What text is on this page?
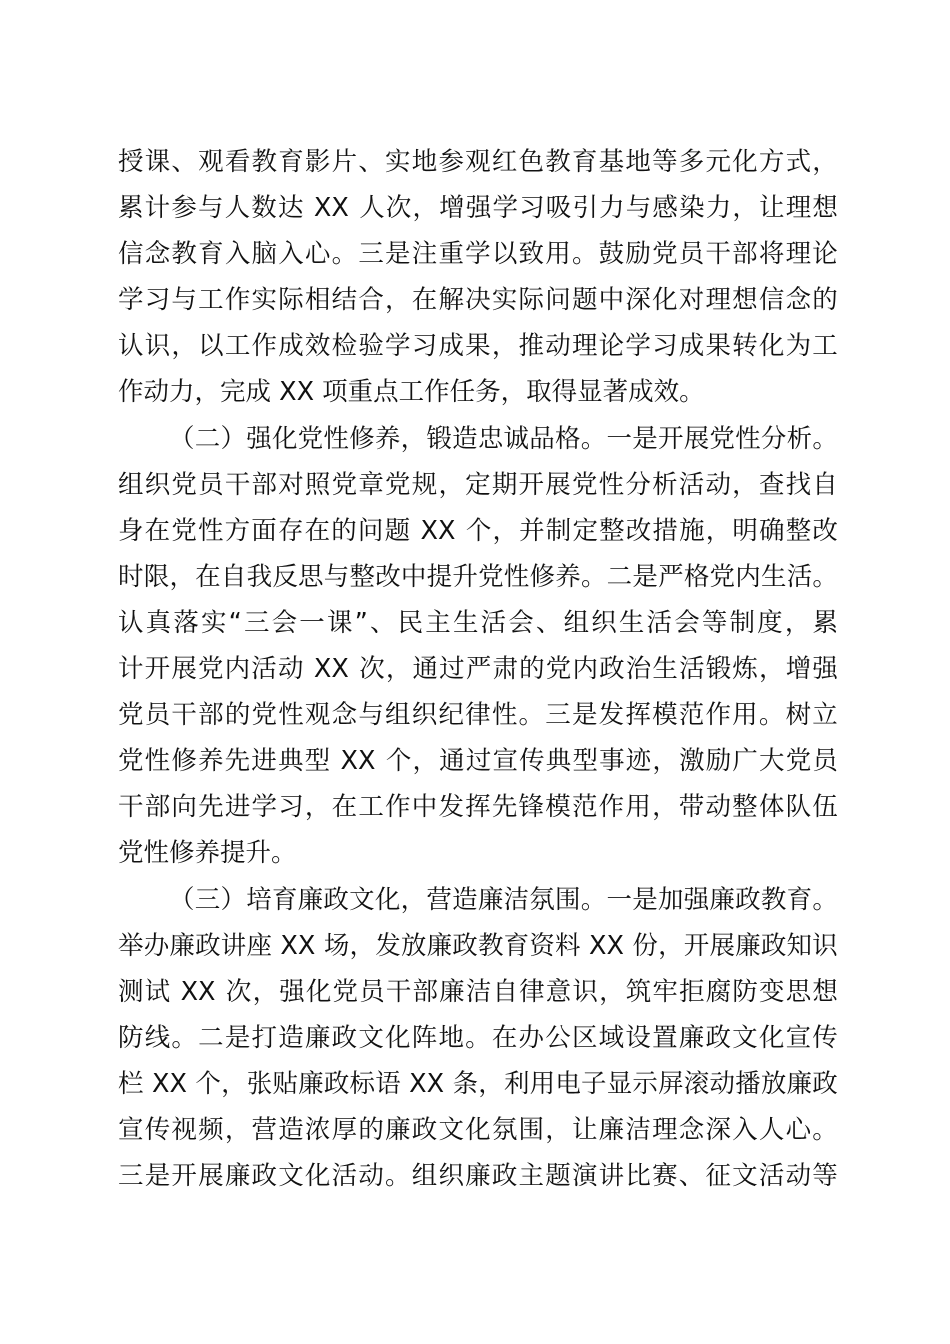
授 课 、 观 看 教 育 影 片 、 实 地 参 观 红 色 教 育 基 地 等 多 元 化 方 式 ，
累 计 参 与 人 数 达
XX
人 次 ， 增 强 学 习 吸 引 力 与 感 染 力 ， 让 理 想
信 念 教 育 入 脑 入 心 。 三 是 注 重 学 以 致 用 。 鼓 励 党 员 干 部 将 理 论
学 习 与 工 作 实 际 相 结 合 ， 在 解 决 实 际 问 题 中 深 化 对 理 想 信 念 的
认 识 ， 以 工 作 成 效 检 验 学 习 成 果 ， 推 动 理 论 学 习 成 果 转 化 为 工
作动力，完成 XX 项重点工作任务，取得显著成效。
（ 二 ） 强 化 党 性 修 养 ， 锻 造 忠 诚 品 格 。 一 是 开 展 党 性 分 析 。
组 织 党 员 干 部 对 照 党 章 党 规 ， 定 期 开 展 党 性 分 析 活 动 ， 查 找 自
身 在 党 性 方 面 存 在 的 问 题
XX
个 ， 并 制 定 整 改 措 施 ， 明 确 整 改
时 限 ， 在 自 我 反 思 与 整 改 中 提 升 党 性 修 养 。 二 是 严 格 党 内 生 活 。
认 真 落 实 “ 三 会 一 课 ” 、 民 主 生 活 会 、 组 织 生 活 会 等 制 度 ， 累
计 开 展 党 内 活 动
XX
次 ， 通 过 严 肃 的 党 内 政 治 生 活 锻 炼 ， 增 强
党 员 干 部 的 党 性 观 念 与 组 织 纪 律 性 。 三 是 发 挥 模 范 作 用 。 树 立
党 性 修 养 先 进 典 型
XX
个 ， 通 过 宣 传 典 型 事 迹 ， 激 励 广 大 党 员
干 部 向 先 进 学 习 ， 在 工 作 中 发 挥 先 锋 模 范 作 用 ， 带 动 整 体 队 伍
党性修养提升。
（ 三 ） 培 育 廉 政 文 化 ， 营 造 廉 洁 氛 围 。 一 是 加 强 廉 政 教 育 。
举 办 廉 政 讲 座
XX
场 ， 发 放 廉 政 教 育 资 料
XX
份 ， 开 展 廉 政 知 识
测 试
XX
次 ， 强 化 党 员 干 部 廉 洁 自 律 意 识 ， 筑 牢 拒 腐 防 变 思 想
防 线 。 二 是 打 造 廉 政 文 化 阵 地 。 在 办 公 区 域 设 置 廉 政 文 化 宣 传
栏
XX
个 ， 张 贴 廉 政 标 语
XX
条 ， 利 用 电 子 显 示 屏 滚 动 播 放 廉 政
宣 传 视 频 ， 营 造 浓 厚 的 廉 政 文 化 氛 围 ， 让 廉 洁 理 念 深 入 人 心 。
三 是 开 展 廉 政 文 化 活 动 。 组 织 廉 政 主 题 演 讲 比 赛 、 征 文 活 动 等
